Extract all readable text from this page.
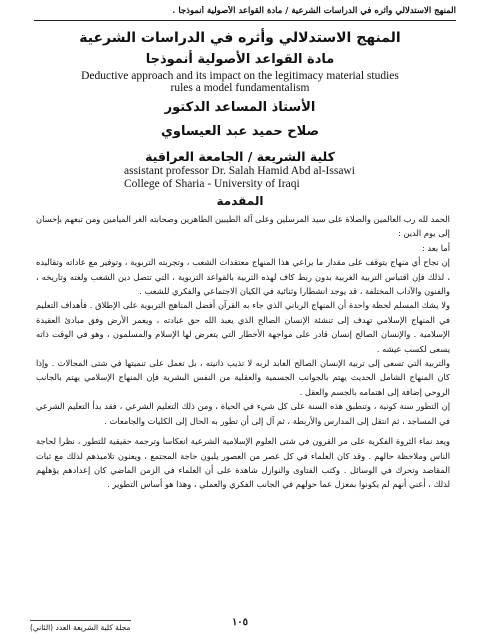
المنهج الاستدلالي وأثره في الدراسات الشرعية / مادة القواعد الأصولية أنموذجا .
المنهج الاستدلالي وأثره في الدراسات الشرعية
مادة القواعد الأصولية أنموذجا
Deductive approach and its impact on the legitimacy material studies rules a model fundamentalism
الأستاذ المساعد الدكتور
صلاح حميد عبد العيساوي
كلية الشريعة / الجامعة العراقية
assistant professor Dr. Salah Hamid Abd al-Issawi
College of Sharia - University of Iraqi
المقدمة

الحمد لله رب العالمين والصلاة على سيد المرسلين وعلى آله الطيبين الطاهرين وصحابته الغر الميامين ومن تبعهم بإحسان إلى يوم الدين :

أما بعد :

إن نجاح أي منهاج يتوقف على مقدار ما يراعي هذا المنهاج معتقدات الشعب ، وتجربته التربوية ، وتوفير مع عاداته وتقاليده ، لذلك فإن اقتباس التربية الغربية بدون ربط كاف لهذه التربية بالقواعد التربوية ، التي تتصل دين الشعب ولغته وتاريخه ، والفنون والآداب المختلفة ، قد يوجد انشطارا وثنائية في الكيان الاجتماعي والفكري للشعب .

ولا يشك المسلم لحظة واحدة أن المنهاج الرباني الذي جاء به القرآن أفضل المناهج التربوية على الإطلاق . فأهداف التعليم في المنهاج الإسلامي تهدف إلى تنشئة الإنسان الصالح الذي يعبد الله حق عبادته ، ويعمر الأرض وفق مبادئ العقيدة الإسلامية . والإنسان الصالح إنسان قادر على مواجهة الأخطار التي يتعرض لها الإسلام والمسلمون ، وهو في الوقت ذاته يسعى لكسب عيشه .

والتربية التي تسعى إلى تربية الإنسان الصالح العابد لربه لا تذيب ذاتيته ، بل تعمل على تنميتها في شتى المجالات . وإذا كان المنهاج الشامل الحديث يهتم بالجوانب الجسمية والعقلية من النفس البشرية فإن المنهاج الإسلامي يهتم بالجانب الروحي إضافة إلى اهتمامه بالجسم والعقل .

إن التطور سنة كونية ، وتنطبق هذه السنة على كل شيء في الحياة ، ومن ذلك التعليم الشرعي ، فقد بدأ التعليم الشرعي في المساجد ، ثم انتقل إلى المدارس والأربطة ، ثم آل إلى أن تطور به الحال إلى الكليات والجامعات .

ويعد نماء الثروة الفكرية على مر القرون في شتى العلوم الإسلامية الشرعية انعكاسا وترجمة حقيقية للتطور ، نظرا لحاجة الناس وملاحظة حالهم . وقد كان العلماء في كل عصر من العصور يلبون حاجة المجتمع ، ويعنون تلاميذهم لذلك مع ثبات المقاصد وتحرك في الوسائل . وكتب الفتاوى والنوازل شاهدة على أن العلماء في الزمن الماضي كان إعدادهم يؤهلهم لذلك ، أعني أنهم لم يكونوا بمعزل عما حولهم في الجانب الفكري والعملي ، وهذا هو أساس التطوير .

١٠٥
مجلة كلية الشريعة العدد (الثاني)
